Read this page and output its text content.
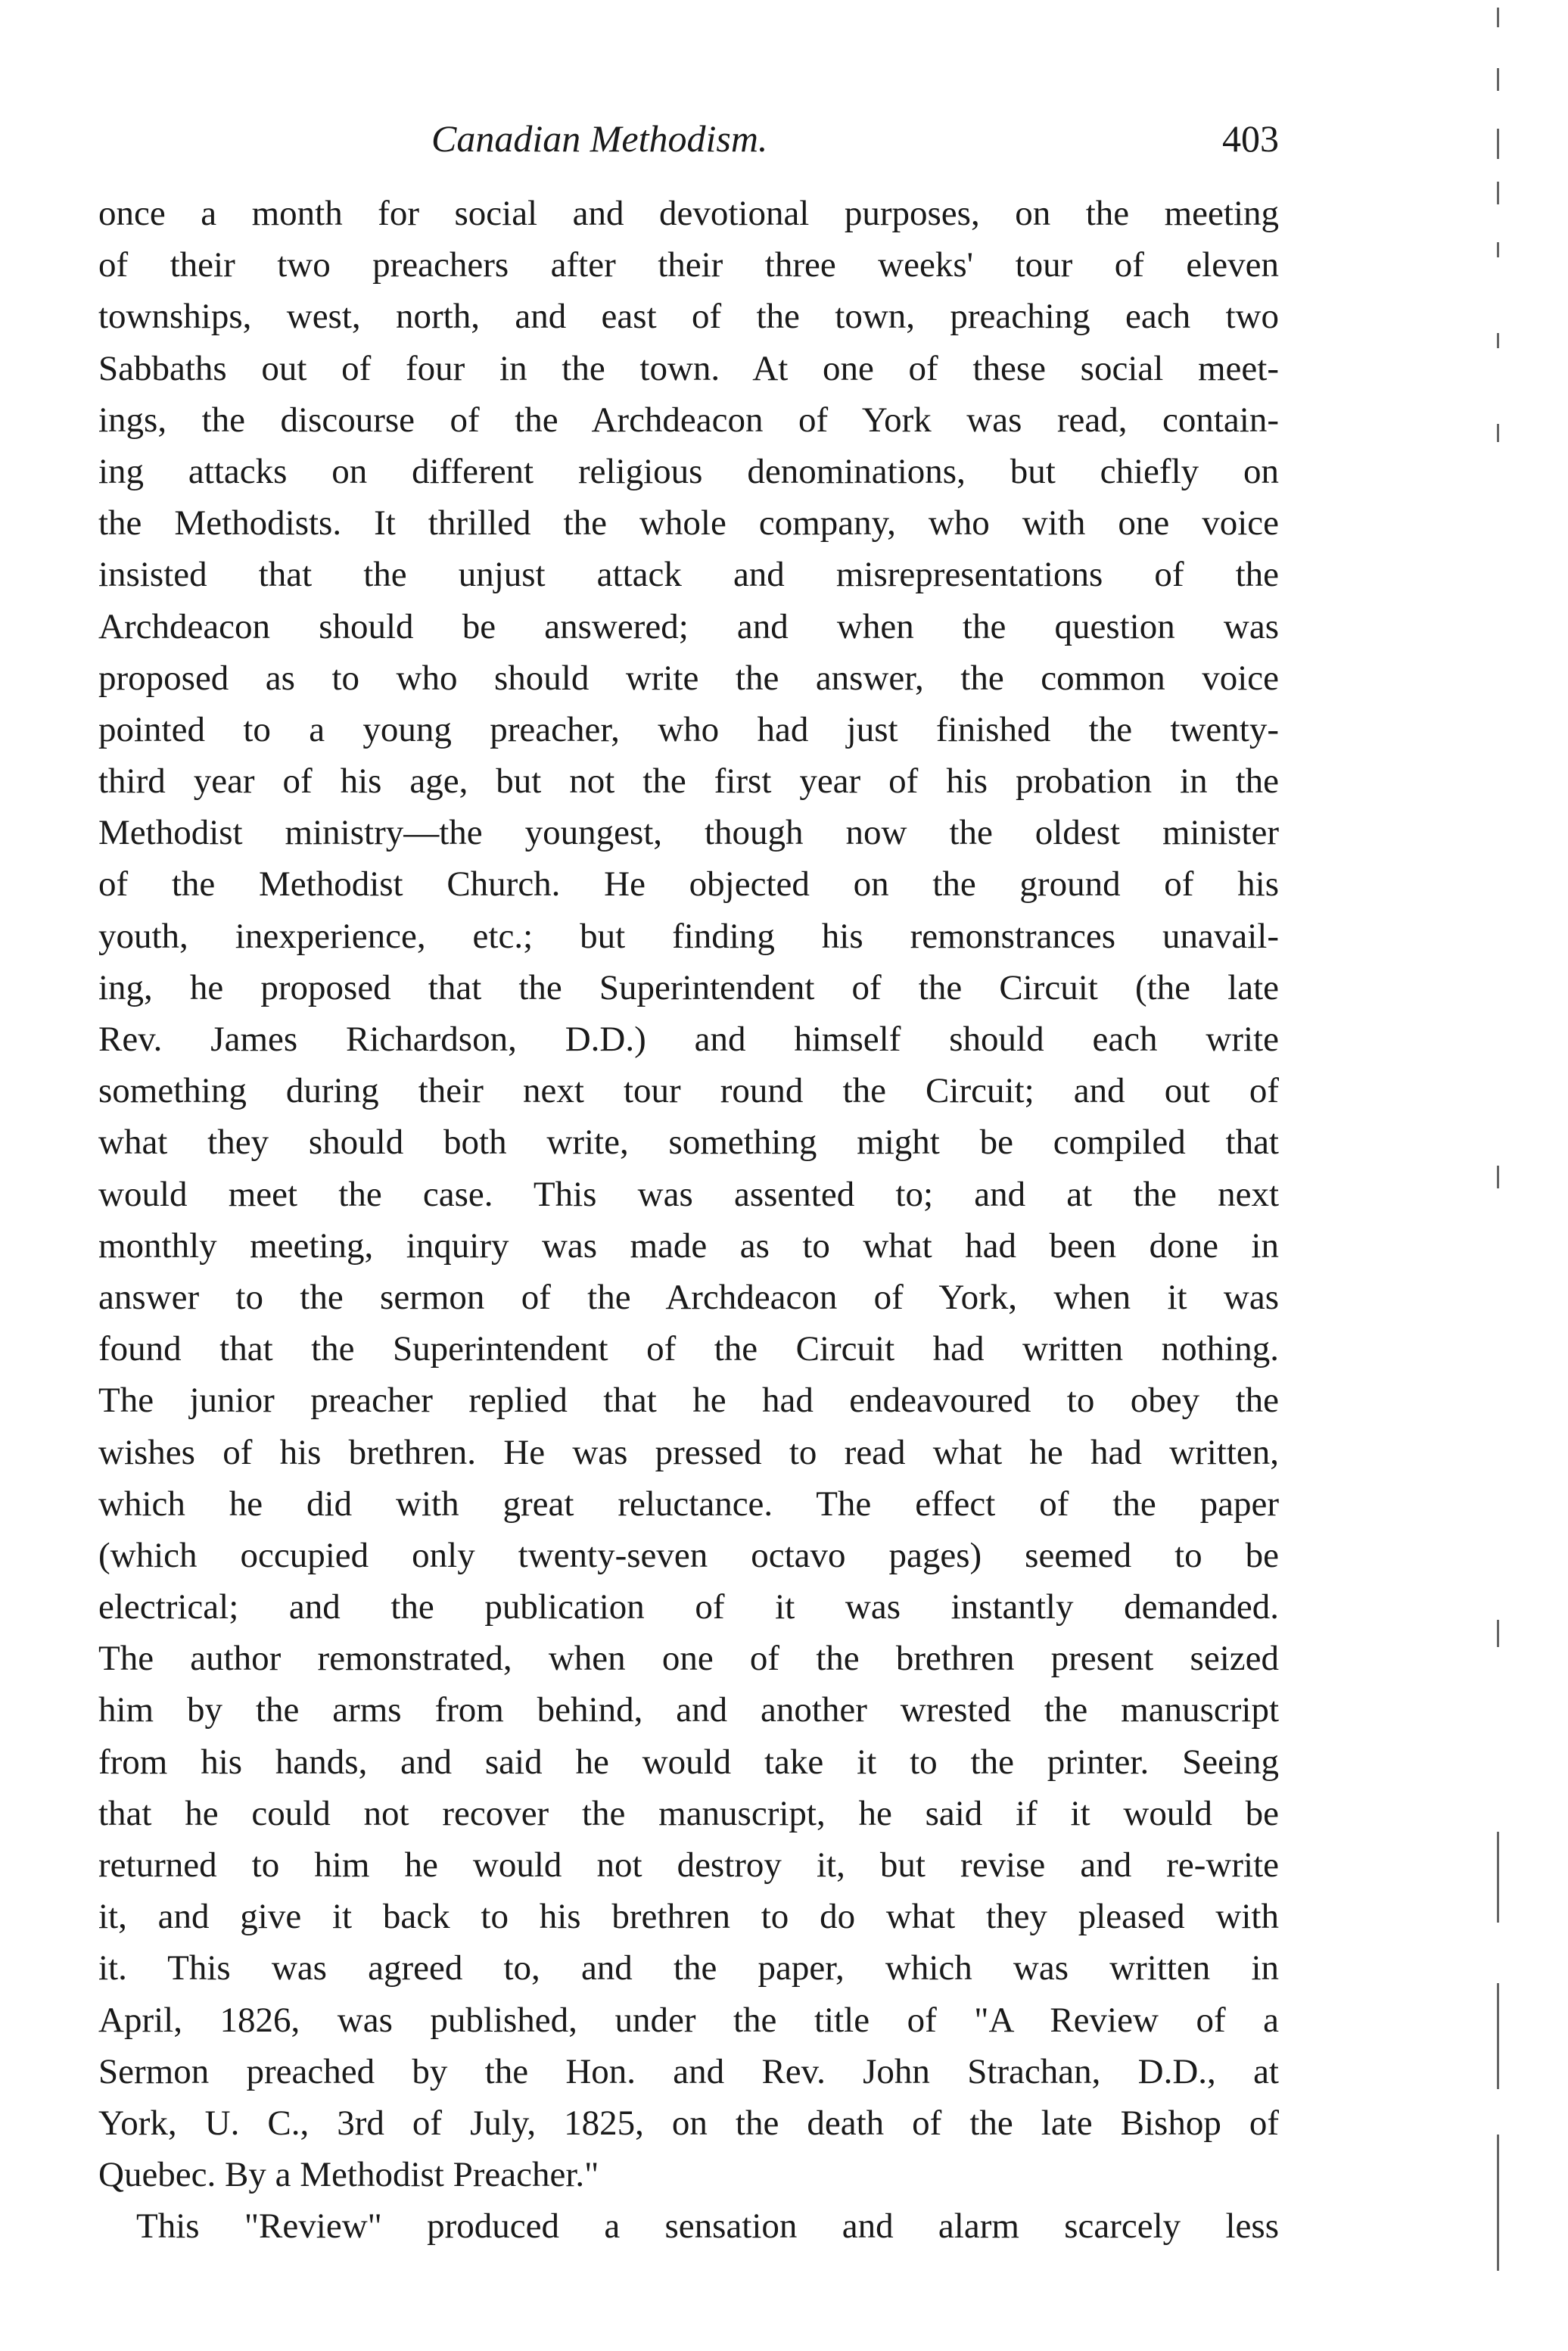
Canadian Methodism.	403
once a month for social and devotional purposes, on the meeting
of their two preachers after their three weeks' tour of eleven
townships, west, north, and east of the town, preaching each two
Sabbaths out of four in the town. At one of these social meet-
ings, the discourse of the Archdeacon of York was read, contain-
ing attacks on different religious denominations, but chiefly on
the Methodists. It thrilled the whole company, who with one voice
insisted that the unjust attack and misrepresentations of the
Archdeacon should be answered; and when the question was
proposed as to who should write the answer, the common voice
pointed to a young preacher, who had just finished the twenty-
third year of his age, but not the first year of his probation in the
Methodist ministry—the youngest, though now the oldest minister
of the Methodist Church. He objected on the ground of his
youth, inexperience, etc.; but finding his remonstrances unavail-
ing, he proposed that the Superintendent of the Circuit (the late
Rev. James Richardson, D.D.) and himself should each write
something during their next tour round the Circuit; and out of
what they should both write, something might be compiled that
would meet the case. This was assented to; and at the next
monthly meeting, inquiry was made as to what had been done in
answer to the sermon of the Archdeacon of York, when it was
found that the Superintendent of the Circuit had written nothing.
The junior preacher replied that he had endeavoured to obey the
wishes of his brethren. He was pressed to read what he had written,
which he did with great reluctance. The effect of the paper
(which occupied only twenty-seven octavo pages) seemed to be
electrical; and the publication of it was instantly demanded.
The author remonstrated, when one of the brethren present seized
him by the arms from behind, and another wrested the manuscript
from his hands, and said he would take it to the printer. Seeing
that he could not recover the manuscript, he said if it would be
returned to him he would not destroy it, but revise and re-write
it, and give it back to his brethren to do what they pleased with
it. This was agreed to, and the paper, which was written in
April, 1826, was published, under the title of "A Review of a
Sermon preached by the Hon. and Rev. John Strachan, D.D., at
York, U. C., 3rd of July, 1825, on the death of the late Bishop of
Quebec. By a Methodist Preacher."
This "Review" produced a sensation and alarm scarcely less
